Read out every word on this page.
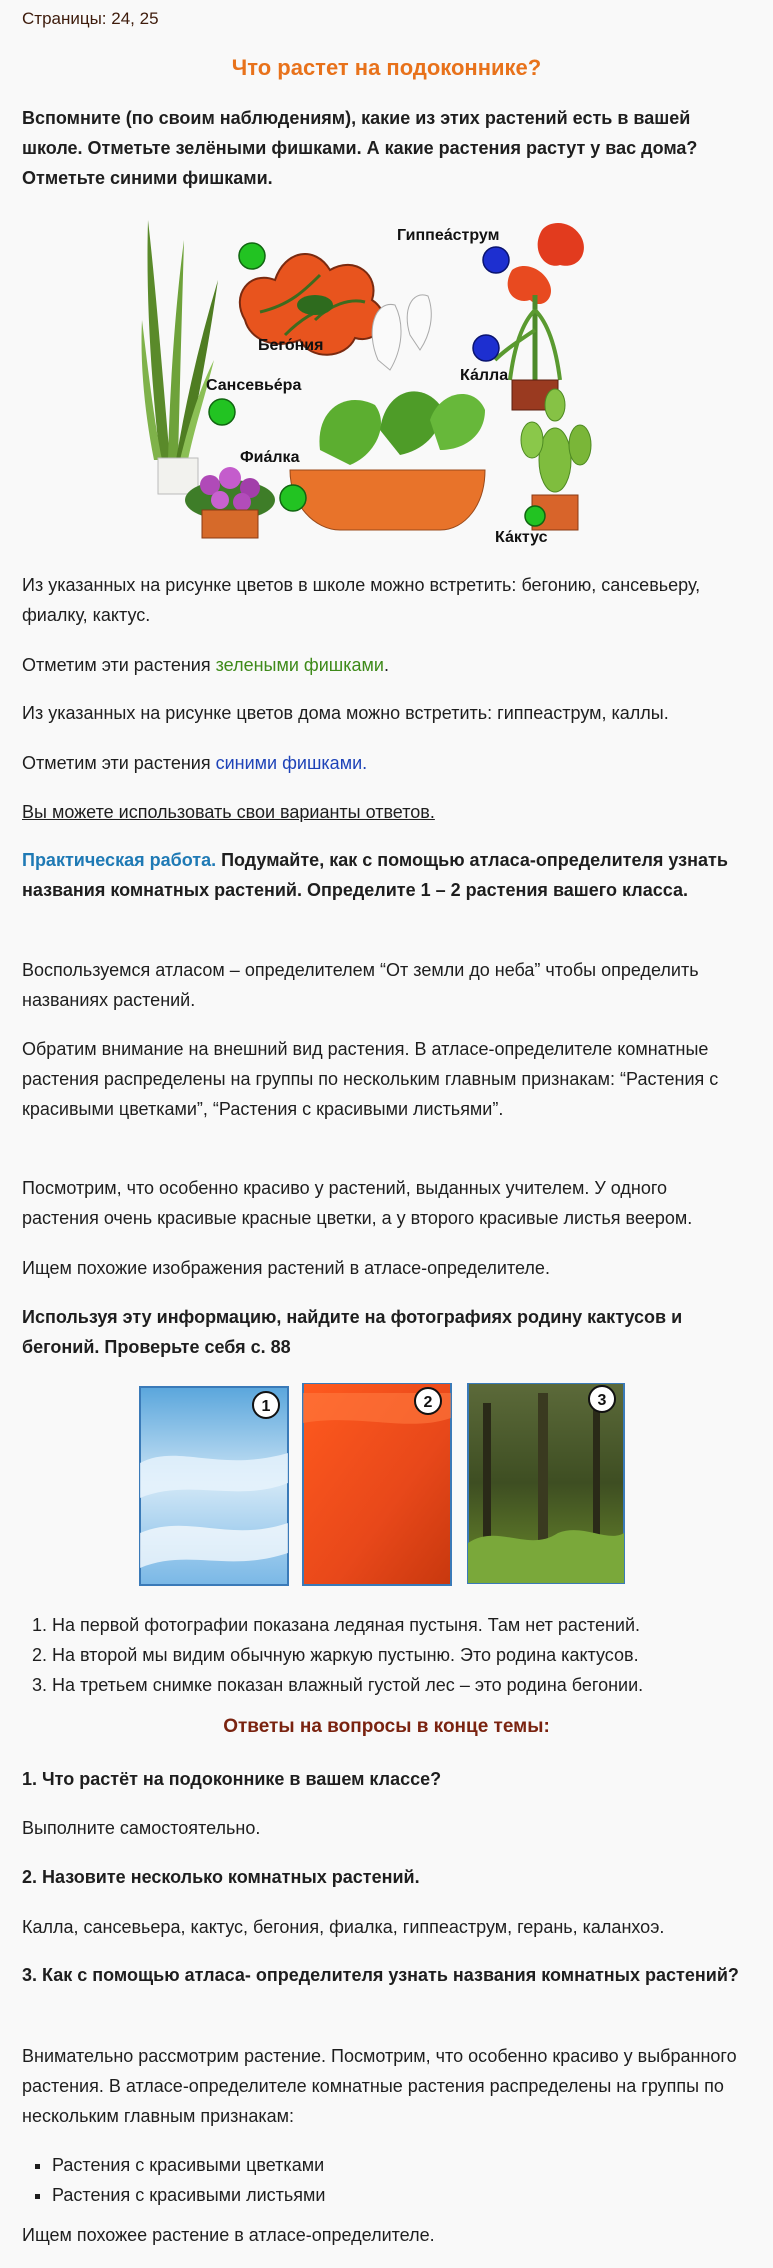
Страницы: 24, 25
Что растет на подоконнике?
Вспомните (по своим наблюдениям), какие из этих растений есть в вашей школе. Отметьте зелёными фишками. А какие растения растут у вас дома? Отметьте синими фишками.
Гиппеа́струм
Бего́ния
Ка́лла
Сансевье́ра
Фиа́лка
Ка́ктус
Из указанных на рисунке цветов в школе можно встретить: бегонию, сансевьеру, фиалку, кактус.
Отметим эти растения зелеными фишками.
Из указанных на рисунке цветов дома можно встретить: гиппеаструм, каллы.
Отметим эти растения синими фишками.
Вы можете использовать свои варианты ответов.
Практическая работа. Подумайте, как с помощью атласа-определителя узнать названия комнатных растений. Определите 1 – 2 растения вашего класса.
Воспользуемся атласом – определителем “От земли до неба” чтобы определить названиях растений.
Обратим внимание на внешний вид растения. В атласе-определителе комнатные растения распределены на группы по нескольким главным признакам: “Растения с красивыми цветками”, “Растения с красивыми листьями”.
Посмотрим, что особенно красиво у растений, выданных учителем. У одного растения очень красивые красные цветки, а у второго красивые листья веером.
Ищем похожие изображения растений в атласе-определителе.
Используя эту информацию, найдите на фотографиях родину кактусов и бегоний. Проверьте себя с. 88
1	2	3
1. На первой фотографии показана ледяная пустыня. Там нет растений.
2. На второй мы видим обычную жаркую пустыню. Это родина кактусов.
3. На третьем снимке показан влажный густой лес – это родина бегонии.
Ответы на вопросы в конце темы:
1. Что растёт на подоконнике в вашем классе?
Выполните самостоятельно.
2. Назовите несколько комнатных растений.
Калла, сансевьера, кактус, бегония, фиалка, гиппеаструм, герань, каланхоэ.
3. Как с помощью атласа- определителя узнать названия комнатных растений?
Внимательно рассмотрим растение. Посмотрим, что особенно красиво у выбранного растения. В атласе-определителе комнатные растения распределены на группы по нескольким главным признакам:
▪ Растения с красивыми цветками
▪ Растения с красивыми листьями
Ищем похожее растение в атласе-определителе.
